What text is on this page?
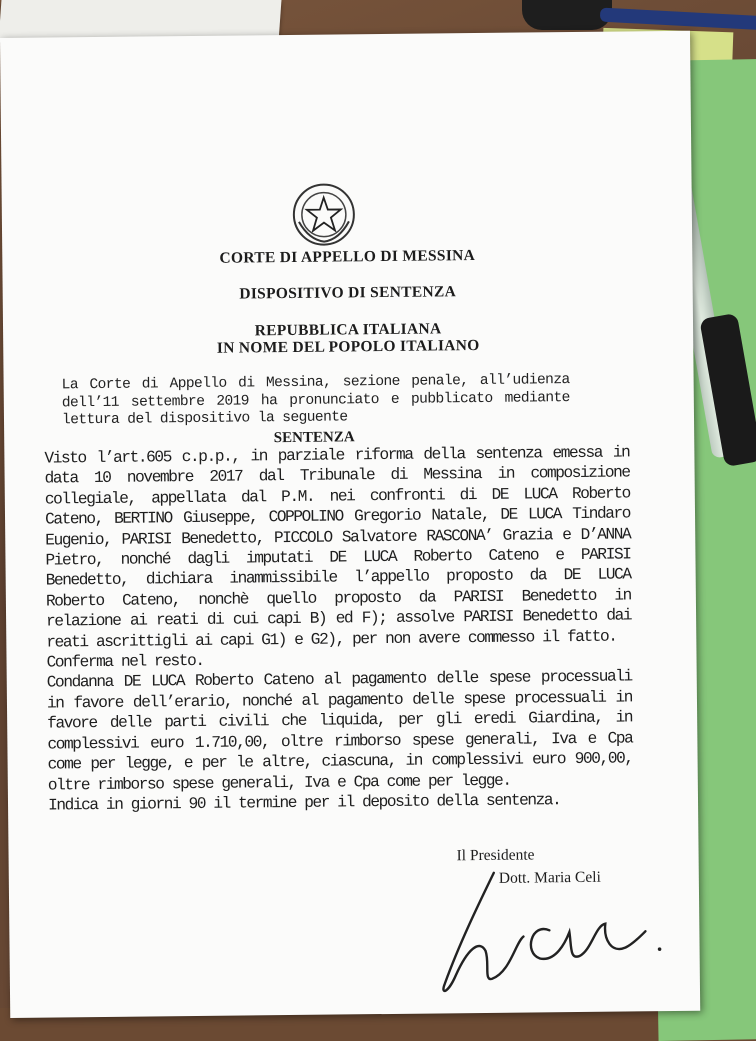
CORTE DI APPELLO DI MESSINA
DISPOSITIVO DI SENTENZA
REPUBBLICA ITALIANA
IN NOME DEL POPOLO ITALIANO
La Corte di Appello di Messina, sezione penale, all’udienza dell’11 settembre 2019 ha pronunciato e pubblicato mediante lettura del dispositivo la seguente
SENTENZA

Visto l’art.605 c.p.p., in parziale riforma della sentenza emessa in data 10 novembre 2017 dal Tribunale di Messina in composizione collegiale, appellata dal P.M. nei confronti di DE LUCA Roberto Cateno, BERTINO Giuseppe, COPPOLINO Gregorio Natale, DE LUCA Tindaro Eugenio, PARISI Benedetto, PICCOLO Salvatore RASCONA’ Grazia e D’ANNA Pietro, nonché dagli imputati DE LUCA Roberto Cateno e PARISI Benedetto, dichiara inammissibile l’appello proposto da DE LUCA Roberto Cateno, nonchè quello proposto da PARISI Benedetto in relazione ai reati di cui capi B) ed F); assolve PARISI Benedetto dai reati ascrittigli ai capi G1) e G2), per non avere commesso il fatto.

Conferma nel resto.

Condanna DE LUCA Roberto Cateno al pagamento delle spese processuali in favore dell’erario, nonché al pagamento delle spese processuali in favore delle parti civili che liquida, per gli eredi Giardina, in complessivi euro 1.710,00, oltre rimborso spese generali, Iva e Cpa come per legge, e per le altre, ciascuna, in complessivi euro 900,00, oltre rimborso spese generali, Iva e Cpa come per legge.

Indica in giorni 90 il termine per il deposito della sentenza.

Il Presidente
Dott. Maria Celi
